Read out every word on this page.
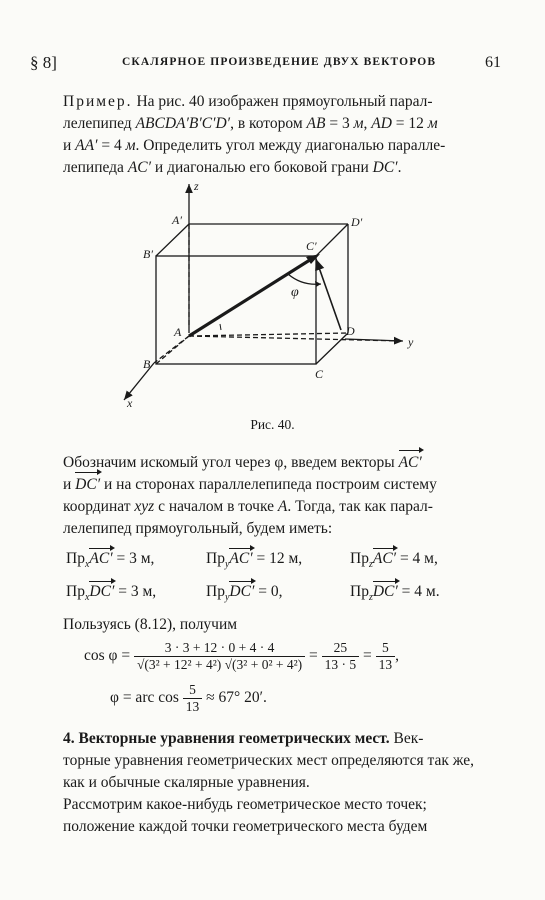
§ 8]	СКАЛЯРНОЕ ПРОИЗВЕДЕНИЕ ДВУХ ВЕКТОРОВ	61
Пример. На рис. 40 изображен прямоугольный парал-
лелепипед ABCDA′B′C′D′, в котором AB = 3 м, AD = 12 м
и AA′ = 4 м. Определить угол между диагональю паралле-
лепипеда AC′ и диагональю его боковой грани DC′.
z
y
x
A′
B′
C′
D′
A
B
C
D
φ
Рис. 40.
Обозначим искомый угол через φ, введем векторы AC′
и DC′ и на сторонах параллелепипеда построим систему
координат xyz с началом в точке A. Тогда, так как парал-
лелепипед прямоугольный, будем иметь:
$Пр_xAC' = 3$ м,	$Пр_yAC' = 12$ м,	$Пр_zAC' = 4$ м,
$Пр_xDC' = 3$ м,	$Пр_yDC' = 0$,	$Пр_zDC' = 4$ м.
Пользуясь (8.12), получим
$\cos \varphi = \frac{3 \cdot 3 + 12 \cdot 0 + 4 \cdot 4}{\text{√(3² + 12² + 4²) √(3² + 0² + 4²)}} = \frac{25}{13 \cdot 5} = \frac{5}{13}$ ,
φ = arc $\cos \frac{5}{13} \approx 67^\circ$ 20′.
4. Векторные уравнения геометрических мест. Век-
торные уравнения геометрических мест определяются так же,
как и обычные скалярные уравнения.
Рассмотрим какое-нибудь геометрическое место точек;
положение каждой точки геометрического места будем
